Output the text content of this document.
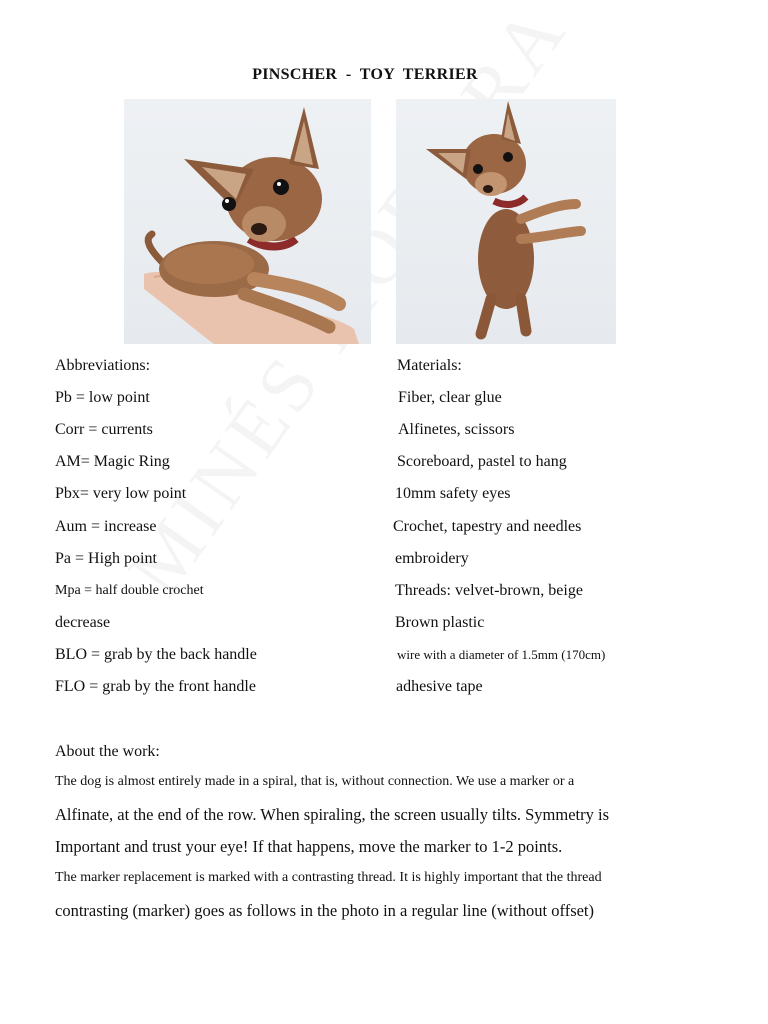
PINSCHER  -  TOY  TERRIER
Abbreviations:
Pb = low point
Corr = currents
AM= Magic Ring
Pbx= very low point
Aum = increase
Pa = High point
Mpa = half double crochet
decrease
BLO = grab by the back handle
FLO = grab by the front handle
Materials:
Fiber, clear glue
Alfinetes, scissors
Scoreboard, pastel to hang
10mm safety eyes
Crochet, tapestry and needles
embroidery
Threads: velvet-brown, beige
Brown plastic
wire with a diameter of 1.5mm (170cm)
adhesive tape
About the work:
The dog is almost entirely made in a spiral, that is, without connection. We use a marker or a
Alfinate, at the end of the row. When spiraling, the screen usually tilts. Symmetry is
Important and trust your eye! If that happens, move the marker to 1-2 points.
The marker replacement is marked with a contrasting thread. It is highly important that the thread
contrasting (marker) goes as follows in the photo in a regular line (without offset)
